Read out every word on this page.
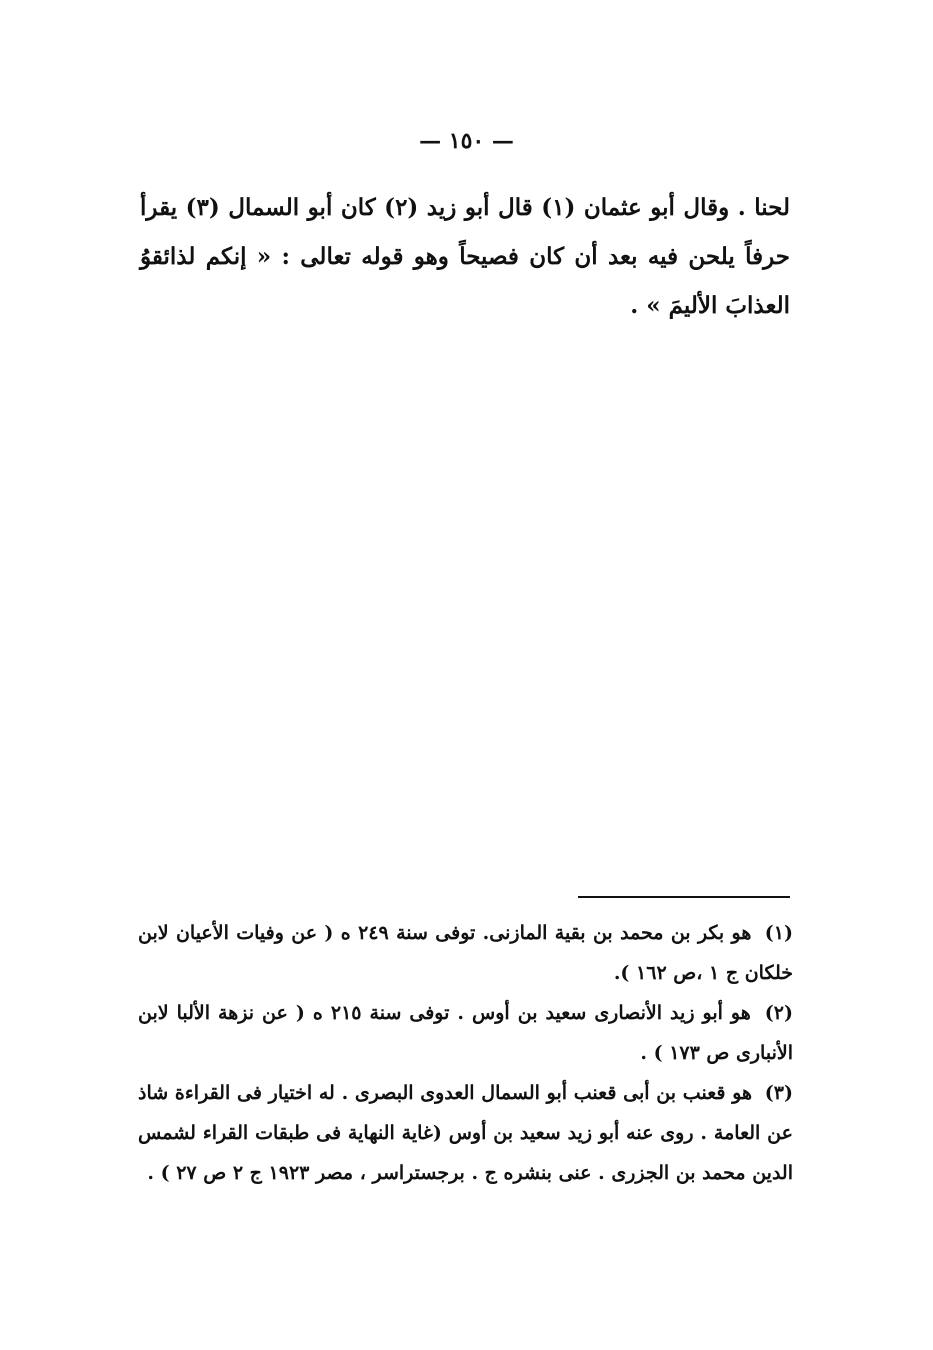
— ١٥٠ —

لحنا . وقال أبو عثمان (١) قال أبو زيد (٢) كان أبو السمال (٣) يقرأ حرفاً يلحن فيه بعد أن كان فصيحاً وهو قوله تعالى : « إنكم لذائقوُ العذابَ الأليمَ » .

(١) هو بكر بن محمد بن بقية المازنى. توفى سنة ٢٤٩ ه ( عن وفيات الأعيان لابن خلكان ج ١ ،ص ١٦٢ ).

(٢) هو أبو زيد الأنصارى سعيد بن أوس . توفى سنة ٢١٥ ه ( عن نزهة الألبا لابن الأنبارى ص ١٧٣ ) .

(٣) هو قعنب بن أبى قعنب أبو السمال العدوى البصرى . له اختيار فى القراءة شاذ عن العامة . روى عنه أبو زيد سعيد بن أوس (غاية النهاية فى طبقات القراء لشمس الدين محمد بن الجزرى . عنى بنشره ج . برجستراسر ، مصر ١٩٢٣ ج ٢ ص ٢٧ ) .
